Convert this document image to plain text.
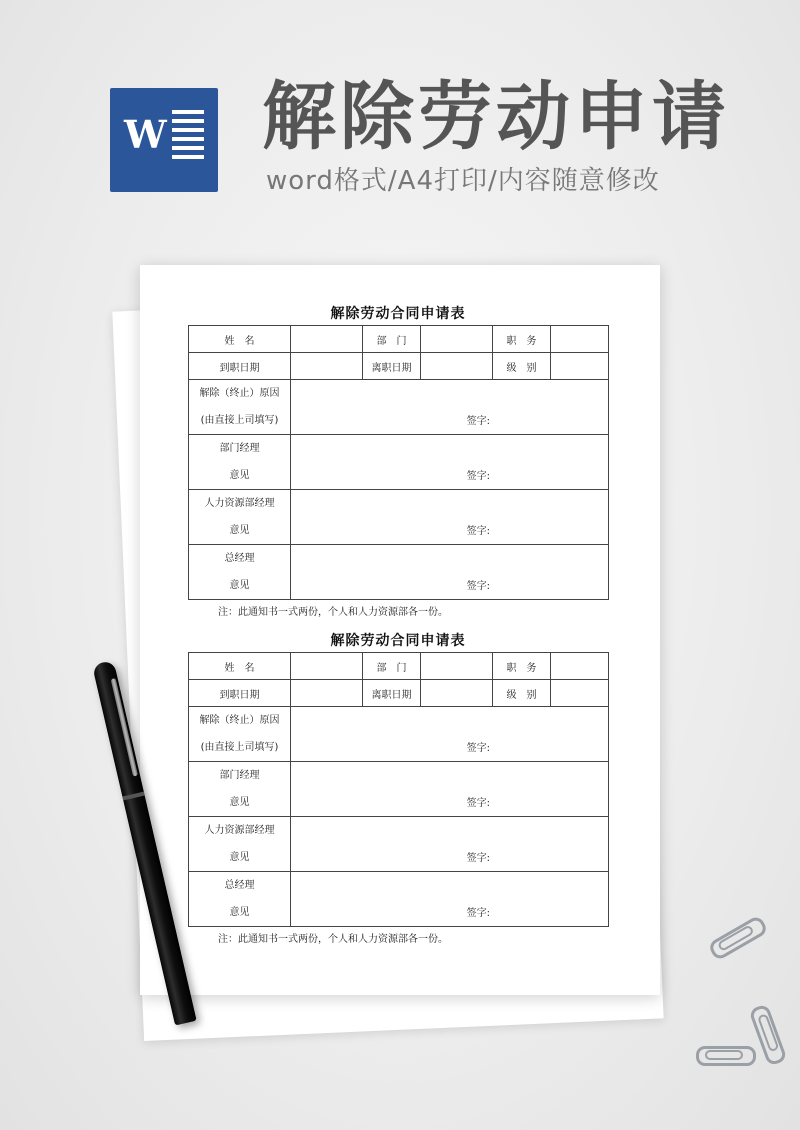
W 解除劳动申请
word格式/A4打印/内容随意修改
解除劳动合同申请表
姓　名		部　门		职　务	
到职日期		离职日期		级　别	

解除（终止）原因
(由直接上司填写)	签字:				

部门经理
意见	签字:				

人力资源部经理
意见	签字:				

总经理
意见	签字:				
注：此通知书一式两份，个人和人力资源部各一份。
解除劳动合同申请表
姓　名		部　门		职　务	
到职日期		离职日期		级　别	

解除（终止）原因
(由直接上司填写)	签字:				

部门经理
意见	签字:				

人力资源部经理
意见	签字:				

总经理
意见	签字:				
注：此通知书一式两份，个人和人力资源部各一份。
